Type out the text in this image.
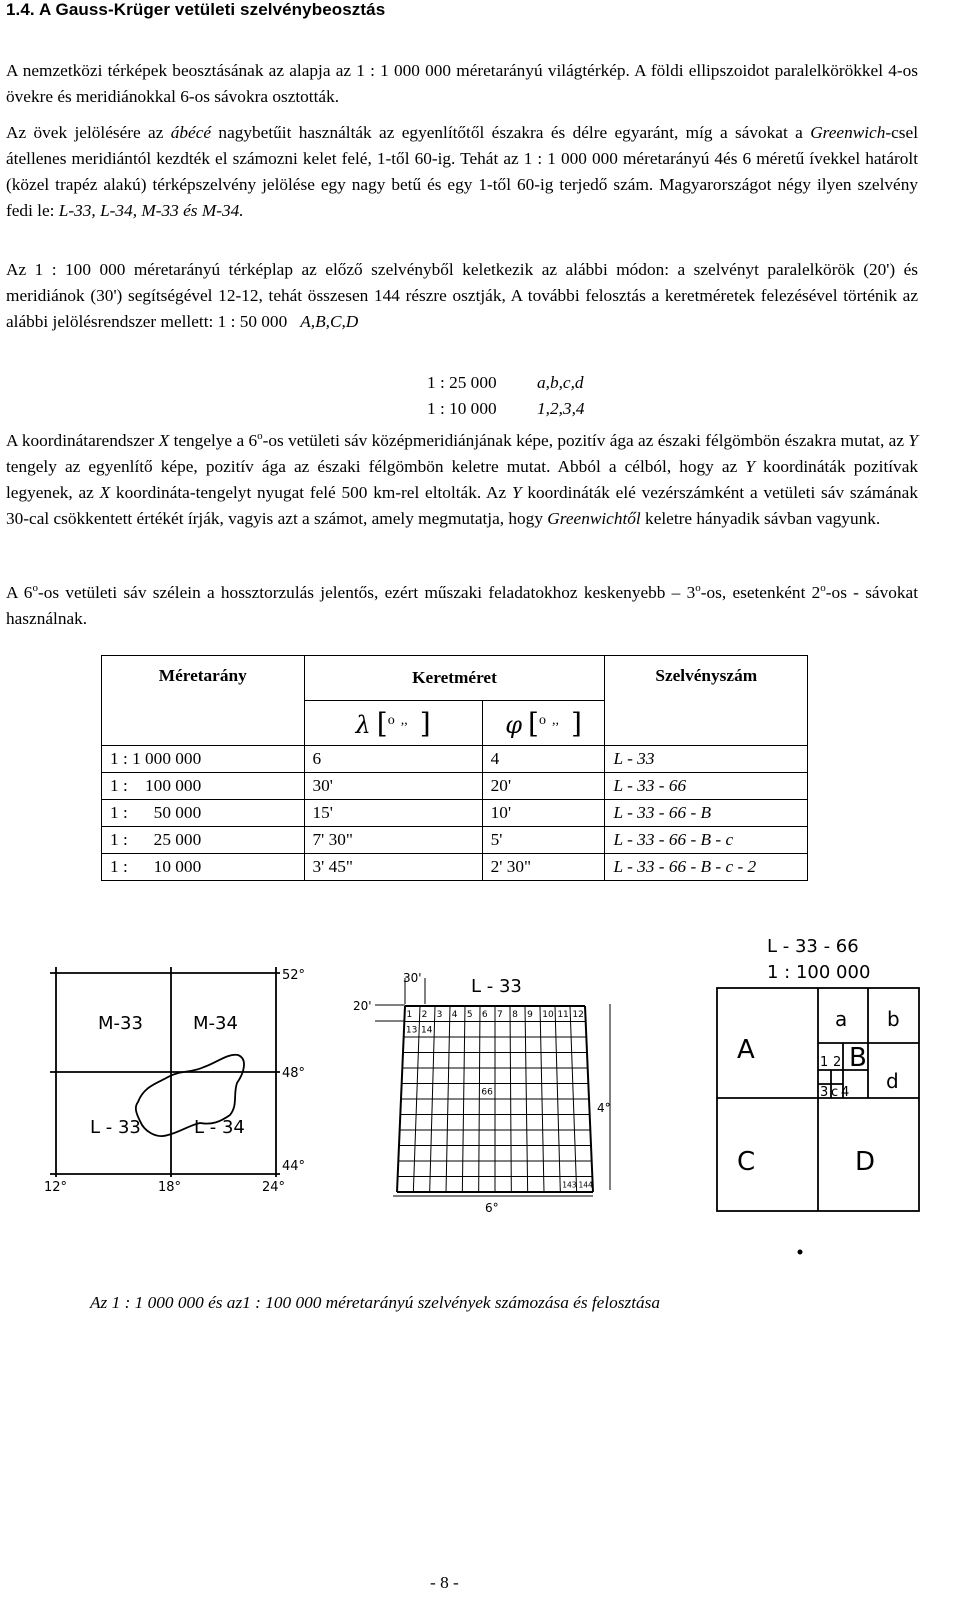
1.4. A Gauss-Krüger vetületi szelvénybeosztás

A nemzetközi térképek beosztásának az alapja az 1 : 1 000 000 méretarányú világtérkép. A földi ellipszoidot paralelkörökkel 4-os övekre és meridiánokkal 6-os sávokra osztották.

Az övek jelölésére az ábécé nagybetűit használták az egyenlítőtől északra és délre egyaránt, míg a sávokat a Greenwich-csel átellenes meridiántól kezdték el számozni kelet felé, 1-től 60-ig. Tehát az 1 : 1 000 000 méretarányú 4és 6 méretű ívekkel határolt (közel trapéz alakú) térképszelvény jelölése egy nagy betű és egy 1-től 60-ig terjedő szám. Magyarországot négy ilyen szelvény fedi le: L-33, L-34, M-33 és M-34.

Az 1 : 100 000 méretarányú térképlap az előző szelvényből keletkezik az alábbi módon: a szelvényt paralelkörök (20') és meridiánok (30') segítségével 12-12, tehát összesen 144 részre osztják, A további felosztás a keretméretek felezésével történik az alábbi jelölésrendszer mellett: 1 : 50 000   A,B,C,D

1 : 25 000 a,b,c,d
1 : 10 000 1,2,3,4

A koordinátarendszer X tengelye a 6$^o$-os vetületi sáv középmeridiánjának képe, pozitív ága az északi félgömbön északra mutat, az Y tengely az egyenlítő képe, pozitív ága az északi félgömbön keletre mutat. Abból a célból, hogy az Y koordináták pozitívak legyenek, az X koordináta-tengelyt nyugat felé 500 km-rel eltolták. Az Y koordináták elé vezérszámként a vetületi sáv számának 30-cal csökkentett értékét írják, vagyis azt a számot, amely megmutatja, hogy Greenwichtől keletre hányadik sávban vagyunk.

A 6$^o$-os vetületi sáv szélein a hossztorzulás jelentős, ezért műszaki feladatokhoz keskenyebb – 3$^o$-os, esetenként 2$^o$-os - sávokat használnak.

Méretarány	Keretméret		Szelvényszám
	λ [$^o$ ,, ]	φ [$^o$ ,, ]	
1 : 1 000 000	6	4	L - 33
1 :    100 000	30'	20'	L - 33 - 66
1 :      50 000	15'	10'	L - 33 - 66 - B
1 :      25 000	7' 30"	5'	L - 33 - 66 - B - c
1 :      10 000	3' 45"	2' 30"	L - 33 - 66 - B - c - 2
52°
48°
44°
12°	18°	24°
M-33	M-34
L - 33	L - 34
30'
20'
L - 33
6°
4°
1 2 3 4 5 6 7 8 9 10 11 12
13 14
66
143 144
L - 33 - 66
1 : 100 000
A
C	D
B
a b
d
c
1 2
3 4
Az 1 : 1 000 000 és az1 : 100 000 méretarányú szelvények számozása és felosztása
- 8 -
